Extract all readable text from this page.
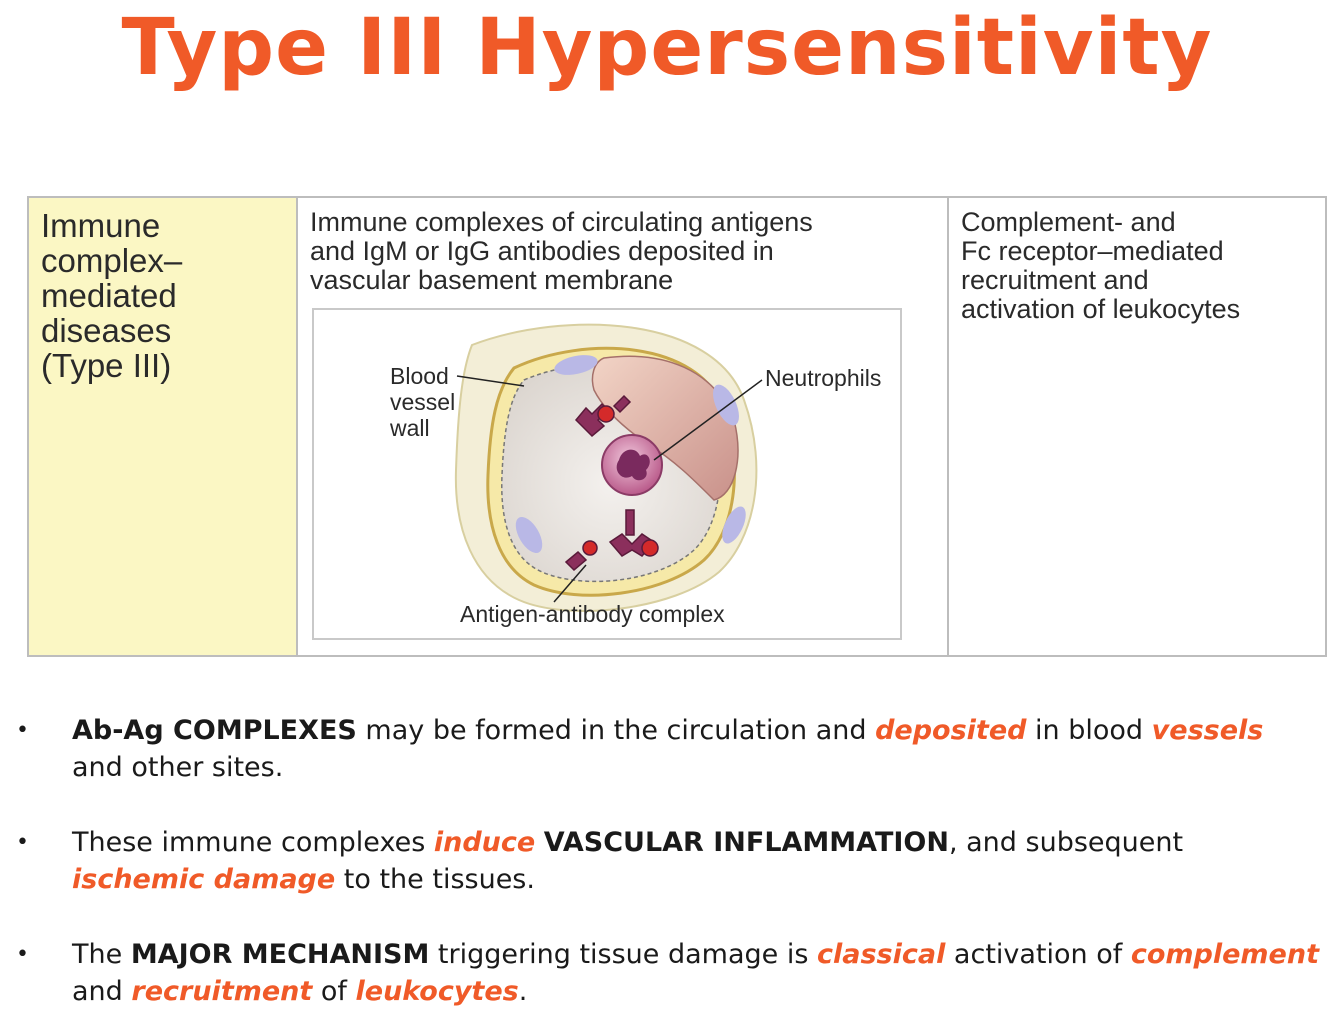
Type III Hypersensitivity
Immune
complex–
mediated
diseases
(Type III)
Immune complexes of circulating antigens
and IgM or IgG antibodies deposited in
vascular basement membrane
Blood
vessel
wall
Neutrophils
Antigen-antibody complex
Complement- and
Fc receptor–mediated
recruitment and
activation of leukocytes
• Ab-Ag COMPLEXES may be formed in the circulation and deposited in blood vessels and other sites.
• These immune complexes induce VASCULAR INFLAMMATION, and subsequent ischemic damage to the tissues.
• The MAJOR MECHANISM triggering tissue damage is classical activation of complement and recruitment of leukocytes.
